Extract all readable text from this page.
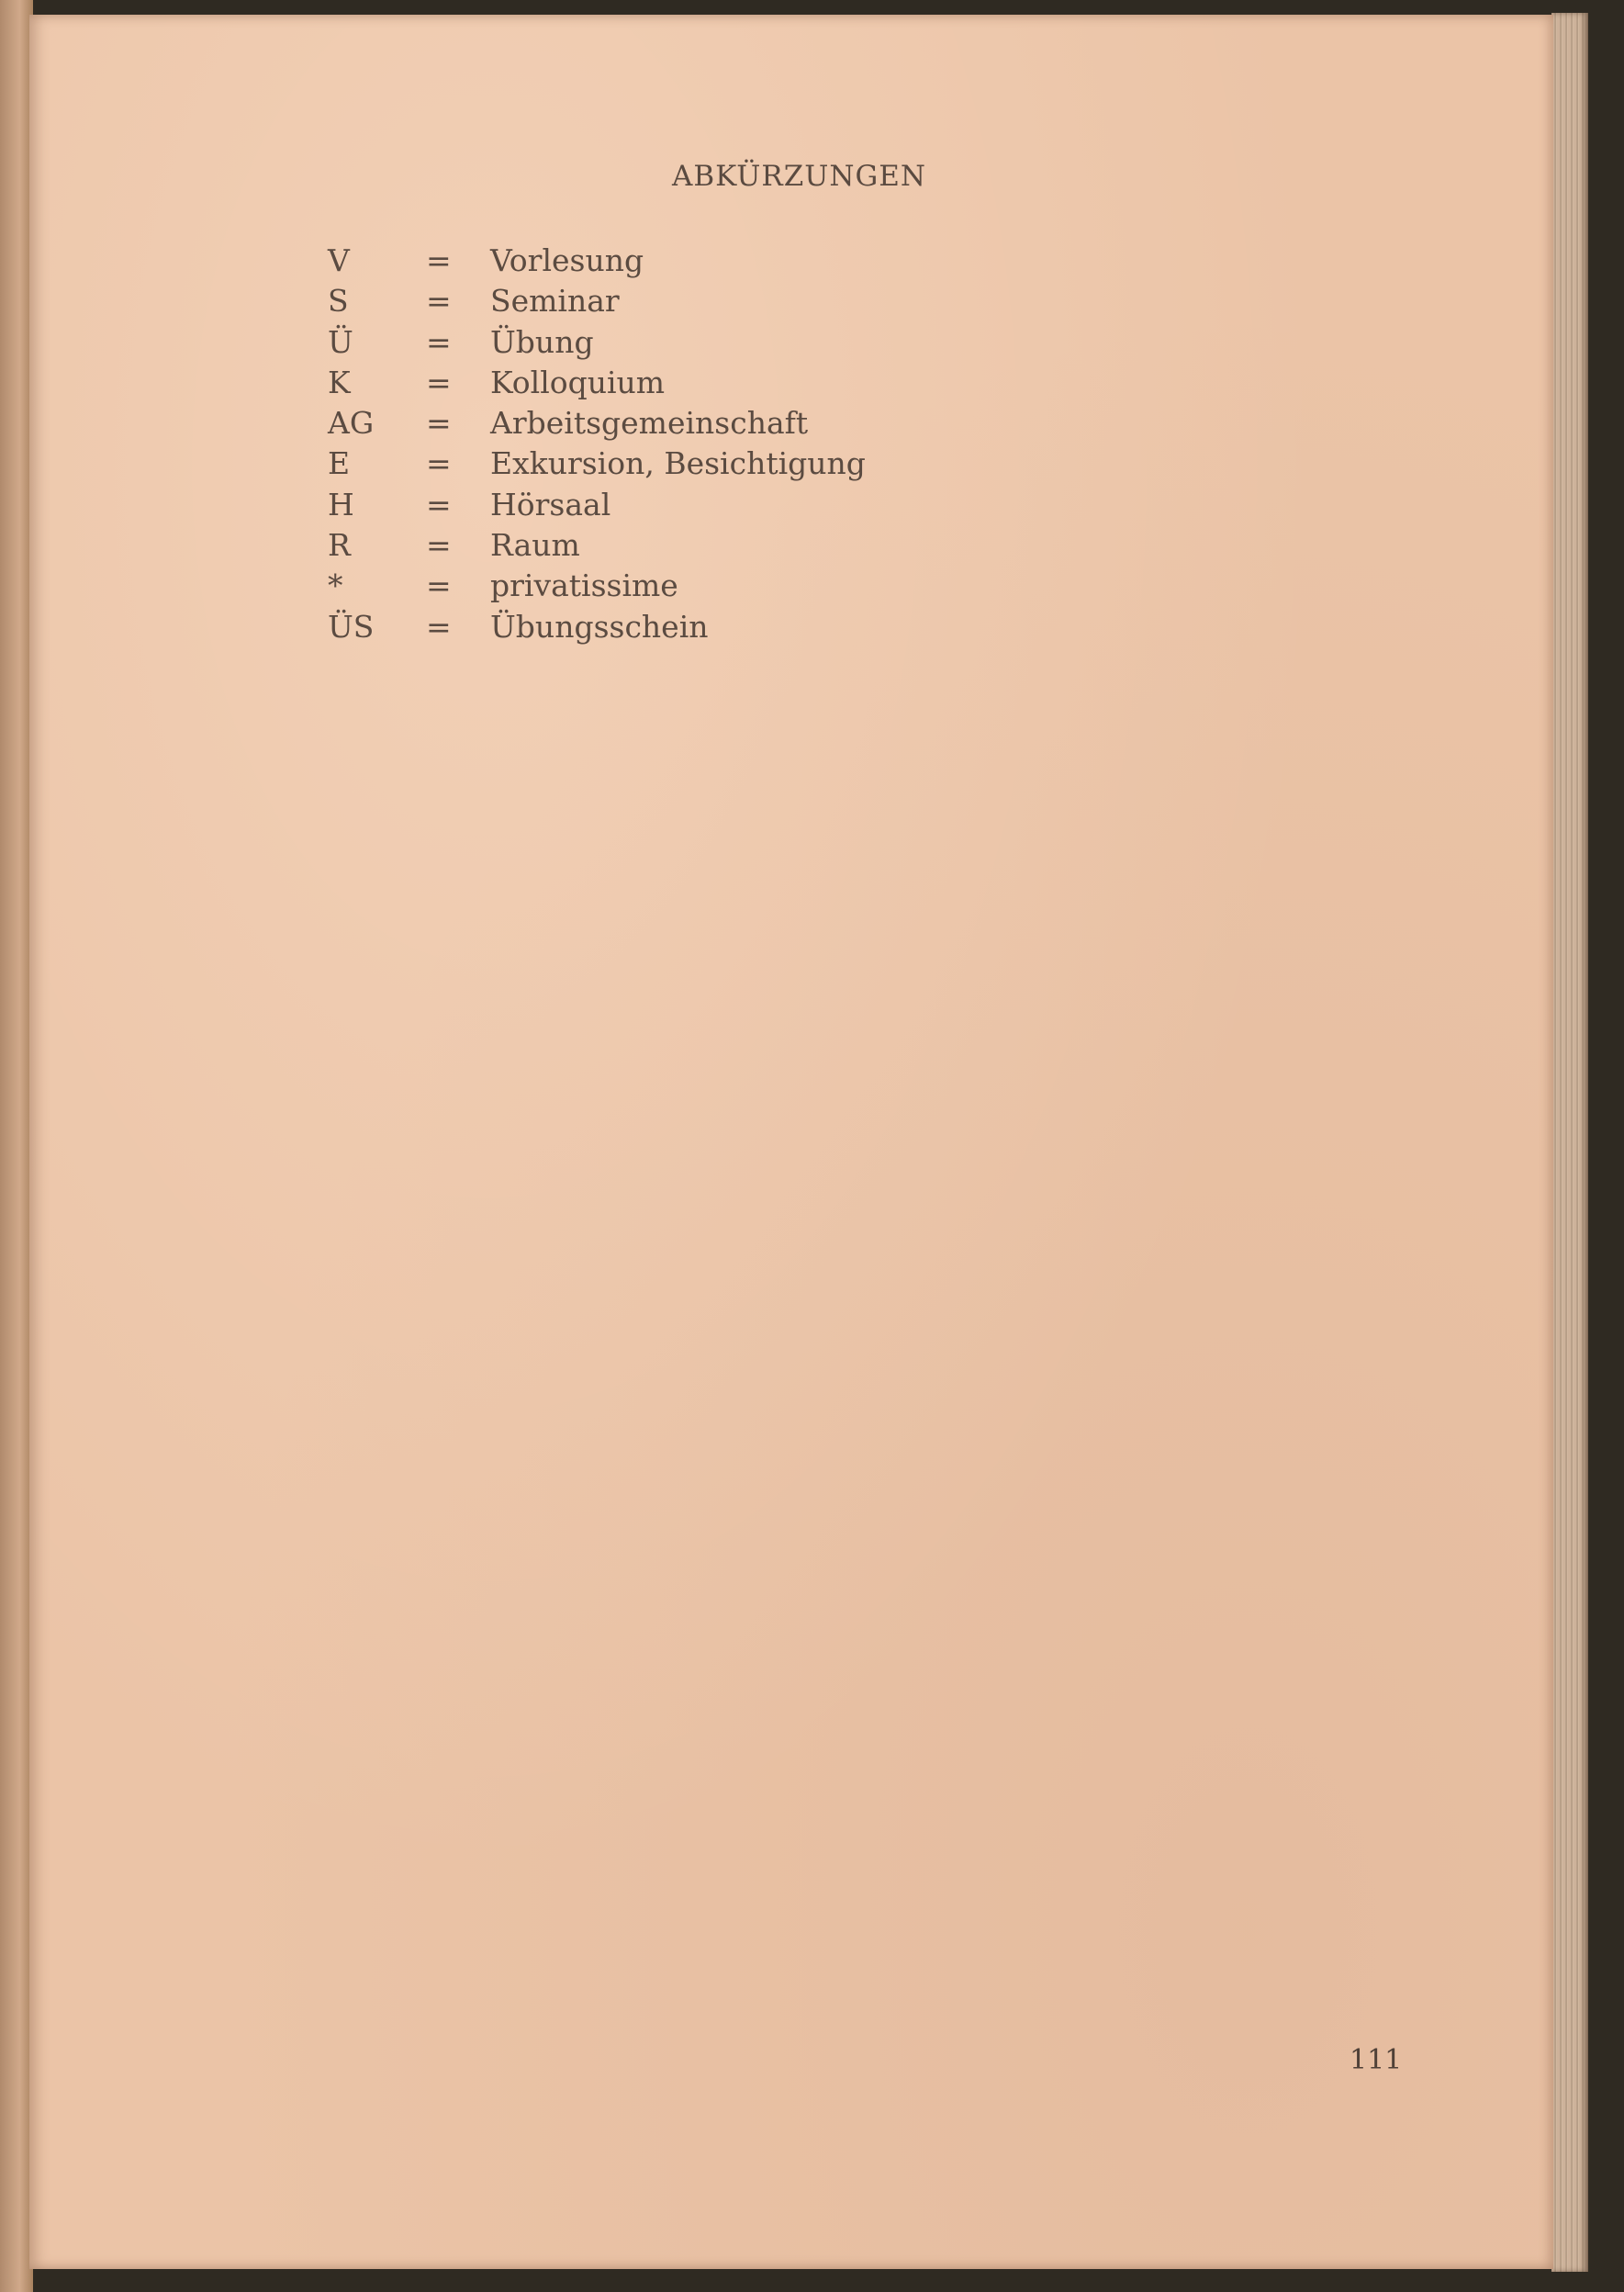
ABKÜRZUNGEN
V	= Vorlesung
S	= Seminar
Ü = Übung
K = Kolloquium
AG = Arbeitsgemeinschaft
E	= Exkursion, Besichtigung
H = Hörsaal
R = Raum
*	= privatissime
ÜS = Übungsschein
111
